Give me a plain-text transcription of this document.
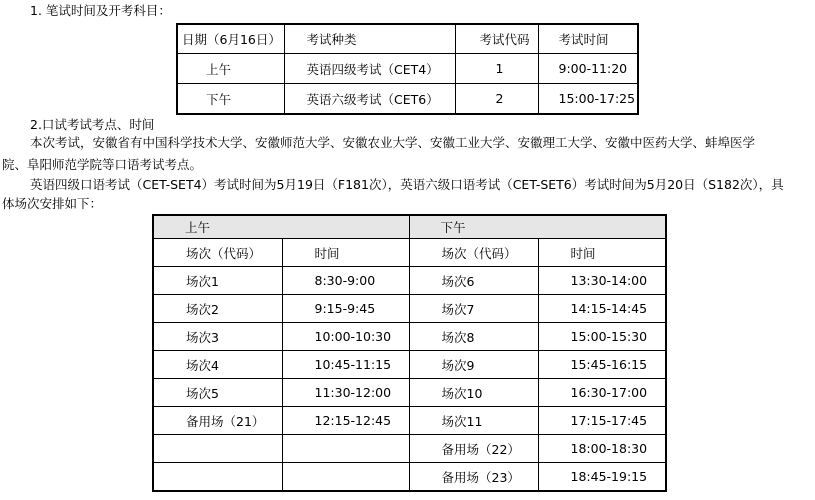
1. 笔试时间及开考科目：
日期（6月16日）	考试种类	考试代码	考试时间
上午	英语四级考试（CET4）	1	9:00-11:20
下午	英语六级考试（CET6）	2	15:00-17:25
2.口试考试考点、时间
本次考试，安徽省有中国科学技术大学、安徽师范大学、安徽农业大学、安徽工业大学、安徽理工大学、安徽中医药大学、蚌埠医学
院、阜阳师范学院等口语考试考点。
英语四级口语考试（CET-SET4）考试时间为5月19日（F181次），英语六级口语考试（CET-SET6）考试时间为5月20日（S182次），具
体场次安排如下：
上午		下午	
场次（代码）	时间	场次（代码）	时间
场次1	8:30-9:00	场次6	13:30-14:00
场次2	9:15-9:45	场次7	14:15-14:45
场次3	10:00-10:30	场次8	15:00-15:30
场次4	10:45-11:15	场次9	15:45-16:15
场次5	11:30-12:00	场次10	16:30-17:00
备用场（21）	12:15-12:45	场次11	17:15-17:45
		备用场（22）	18:00-18:30
		备用场（23）	18:45-19:15
